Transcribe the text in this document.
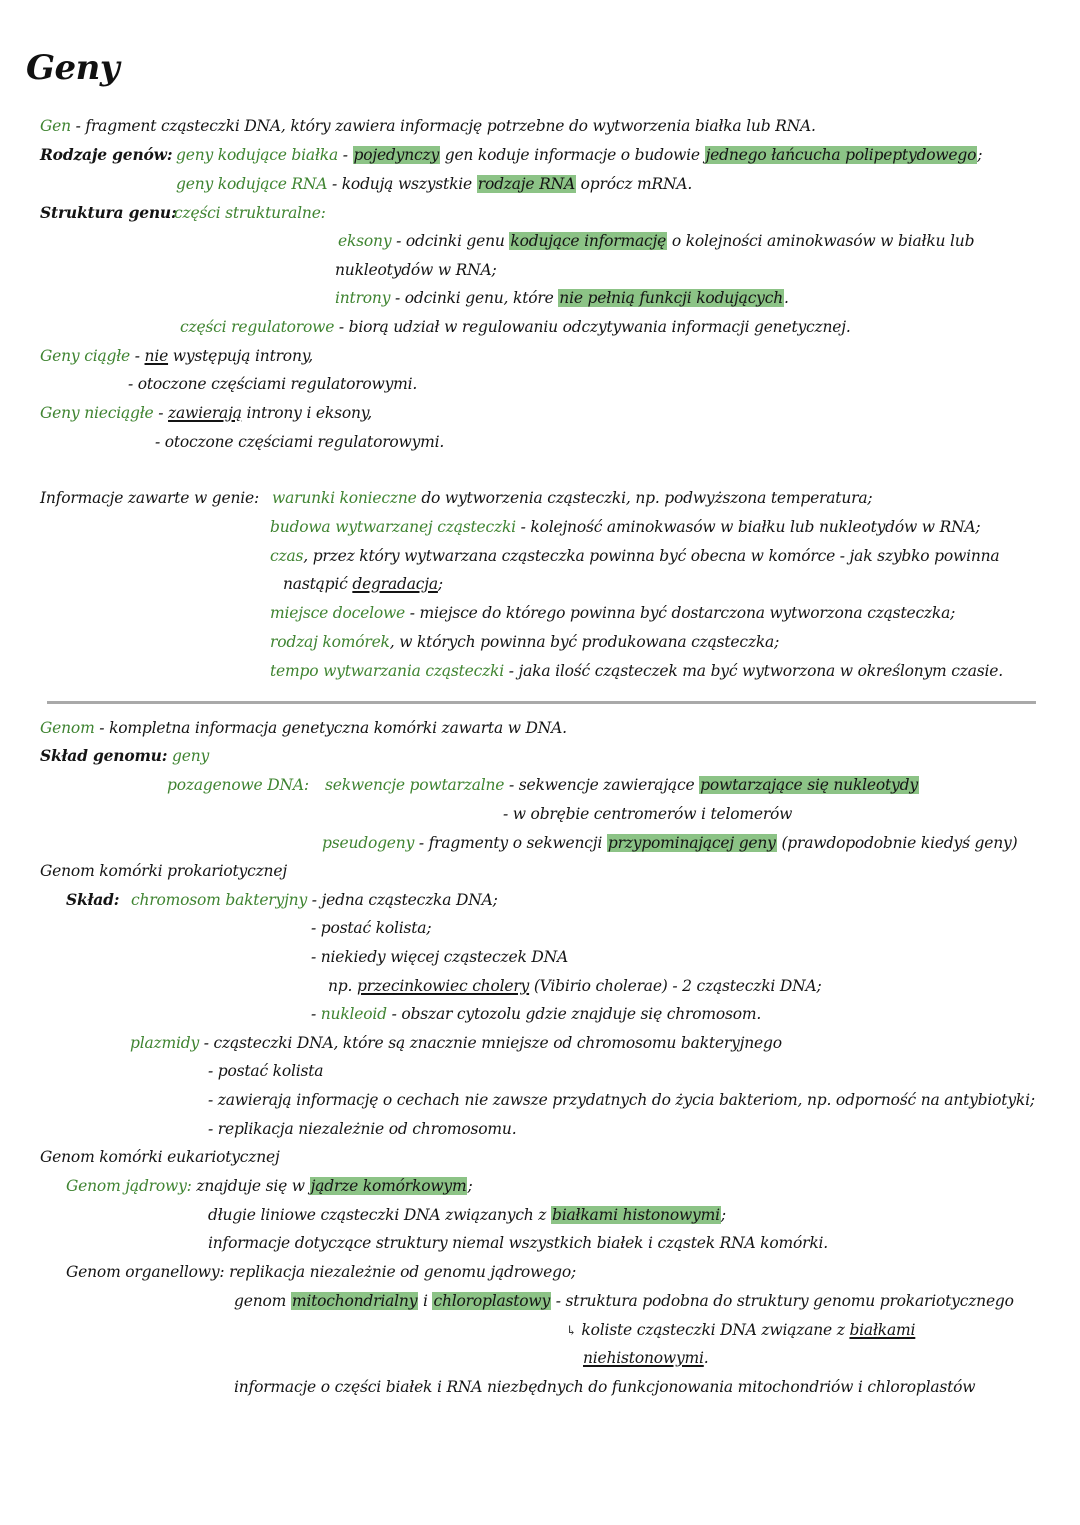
Geny
Gen - fragment cząsteczki DNA, który zawiera informację potrzebne do wytworzenia białka lub RNA.
Rodzaje genów: geny kodujące białka - pojedynczy gen koduje informacje o budowie jednego łańcucha polipeptydowego;
geny kodujące RNA - kodują wszystkie rodzaje RNA oprócz mRNA.
Struktura genu:
części strukturalne:
eksony - odcinki genu kodujące informację o kolejności aminokwasów w białku lub
nukleotydów w RNA;
introny - odcinki genu, które nie pełnią funkcji kodujących.
części regulatorowe - biorą udział w regulowaniu odczytywania informacji genetycznej.
Geny ciągłe - nie występują introny,
- otoczone częściami regulatorowymi.
Geny nieciągłe - zawierają introny i eksony,
- otoczone częściami regulatorowymi.
Informacje zawarte w genie: warunki konieczne do wytworzenia cząsteczki, np. podwyższona temperatura;
budowa wytwarzanej cząsteczki - kolejność aminokwasów w białku lub nukleotydów w RNA;
czas, przez który wytwarzana cząsteczka powinna być obecna w komórce - jak szybko powinna
nastąpić degradacja;
miejsce docelowe - miejsce do którego powinna być dostarczona wytworzona cząsteczka;
rodzaj komórek, w których powinna być produkowana cząsteczka;
tempo wytwarzania cząsteczki - jaka ilość cząsteczek ma być wytworzona w określonym czasie.
Genom - kompletna informacja genetyczna komórki zawarta w DNA.
Skład genomu: geny
pozagenowe DNA: sekwencje powtarzalne - sekwencje zawierające powtarzające się nukleotydy
- w obrębie centromerów i telomerów
pseudogeny - fragmenty o sekwencji przypominającej geny (prawdopodobnie kiedyś geny)
Genom komórki prokariotycznej
Skład: chromosom bakteryjny - jedna cząsteczka DNA;
- postać kolista;
- niekiedy więcej cząsteczek DNA
np. przecinkowiec cholery (Vibirio cholerae) - 2 cząsteczki DNA;
- nukleoid - obszar cytozolu gdzie znajduje się chromosom.
plazmidy - cząsteczki DNA, które są znacznie mniejsze od chromosomu bakteryjnego
- postać kolista
- zawierają informację o cechach nie zawsze przydatnych do życia bakteriom, np. odporność na antybiotyki;
- replikacja niezależnie od chromosomu.
Genom komórki eukariotycznej
Genom jądrowy: znajduje się w jądrze komórkowym;
długie liniowe cząsteczki DNA związanych z białkami histonowymi;
informacje dotyczące struktury niemal wszystkich białek i cząstek RNA komórki.
Genom organellowy: replikacja niezależnie od genomu jądrowego;
genom mitochondrialny i chloroplastowy - struktura podobna do struktury genomu prokariotycznego
↳ koliste cząsteczki DNA związane z białkami
niehistonowymi.
informacje o części białek i RNA niezbędnych do funkcjonowania mitochondriów i chloroplastów
